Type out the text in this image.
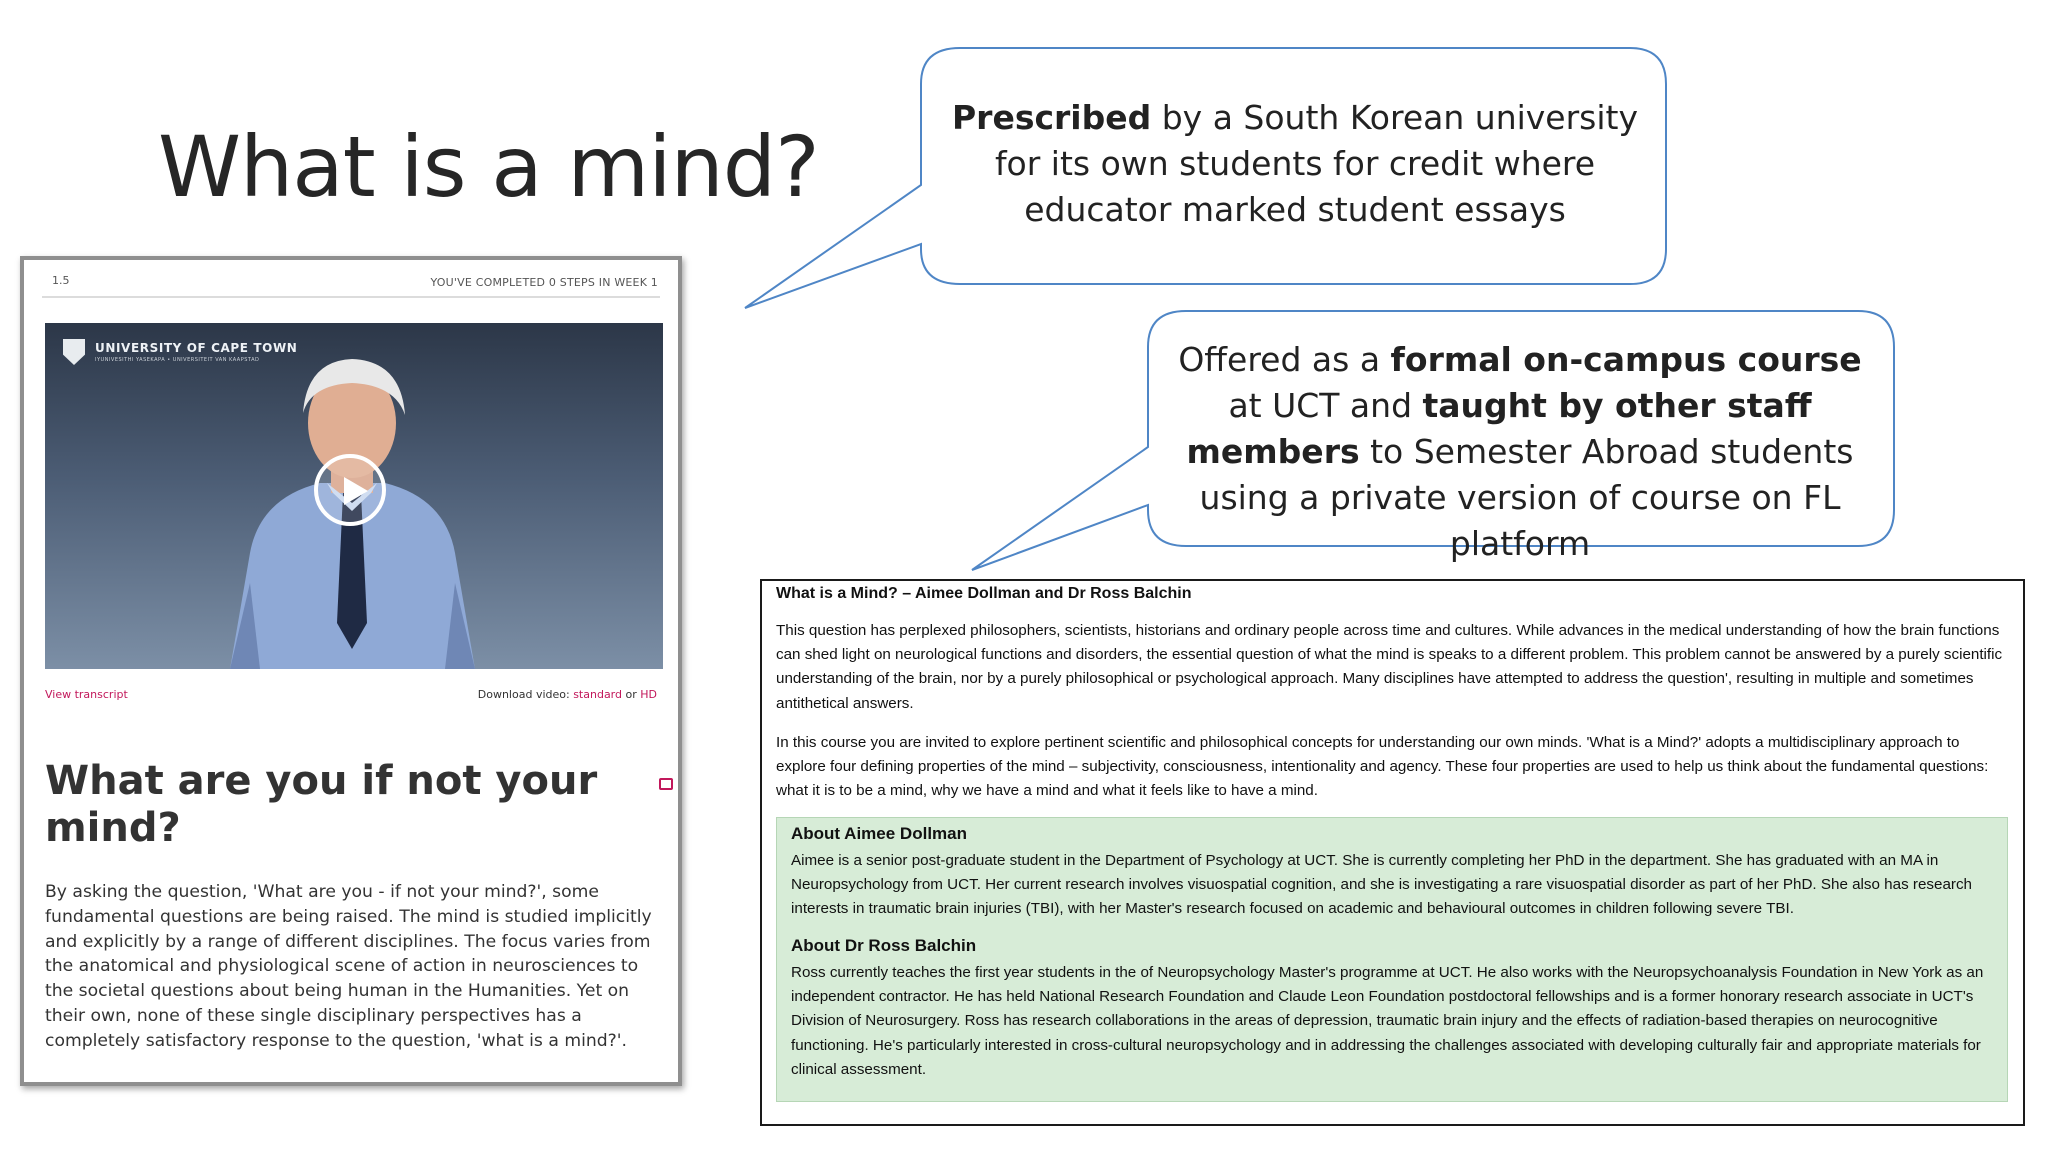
What is a mind?
Prescribed by a South Korean university for its own students for credit where educator marked student essays
Offered as a formal on-campus course at UCT and taught by other staff members to Semester Abroad students using a private version of course on FL platform
1.5	YOU'VE COMPLETED 0 STEPS IN WEEK 1
UNIVERSITY OF CAPE TOWN
IYUNIVESITHI YASEKAPA • UNIVERSITEIT VAN KAAPSTAD
View transcript	Download video: standard or HD
What are you if not your mind?
By asking the question, 'What are you - if not your mind?', some fundamental questions are being raised. The mind is studied implicitly and explicitly by a range of different disciplines. The focus varies from the anatomical and physiological scene of action in neurosciences to the societal questions about being human in the Humanities. Yet on their own, none of these single disciplinary perspectives has a completely satisfactory response to the question, 'what is a mind?'.
What is a Mind? – Aimee Dollman and Dr Ross Balchin
This question has perplexed philosophers, scientists, historians and ordinary people across time and cultures. While advances in the medical understanding of how the brain functions can shed light on neurological functions and disorders, the essential question of what the mind is speaks to a different problem. This problem cannot be answered by a purely scientific understanding of the brain, nor by a purely philosophical or psychological approach. Many disciplines have attempted to address the question', resulting in multiple and sometimes antithetical answers.
In this course you are invited to explore pertinent scientific and philosophical concepts for understanding our own minds. 'What is a Mind?' adopts a multidisciplinary approach to explore four defining properties of the mind – subjectivity, consciousness, intentionality and agency. These four properties are used to help us think about the fundamental questions: what it is to be a mind, why we have a mind and what it feels like to have a mind.
About Aimee Dollman
Aimee is a senior post-graduate student in the Department of Psychology at UCT. She is currently completing her PhD in the department. She has graduated with an MA in Neuropsychology from UCT. Her current research involves visuospatial cognition, and she is investigating a rare visuospatial disorder as part of her PhD. She also has research interests in traumatic brain injuries (TBI), with her Master's research focused on academic and behavioural outcomes in children following severe TBI.
About Dr Ross Balchin
Ross currently teaches the first year students in the of Neuropsychology Master's programme at UCT. He also works with the Neuropsychoanalysis Foundation in New York as an independent contractor. He has held National Research Foundation and Claude Leon Foundation postdoctoral fellowships and is a former honorary research associate in UCT's Division of Neurosurgery. Ross has research collaborations in the areas of depression, traumatic brain injury and the effects of radiation-based therapies on neurocognitive functioning. He's particularly interested in cross-cultural neuropsychology and in addressing the challenges associated with developing culturally fair and appropriate materials for clinical assessment.
